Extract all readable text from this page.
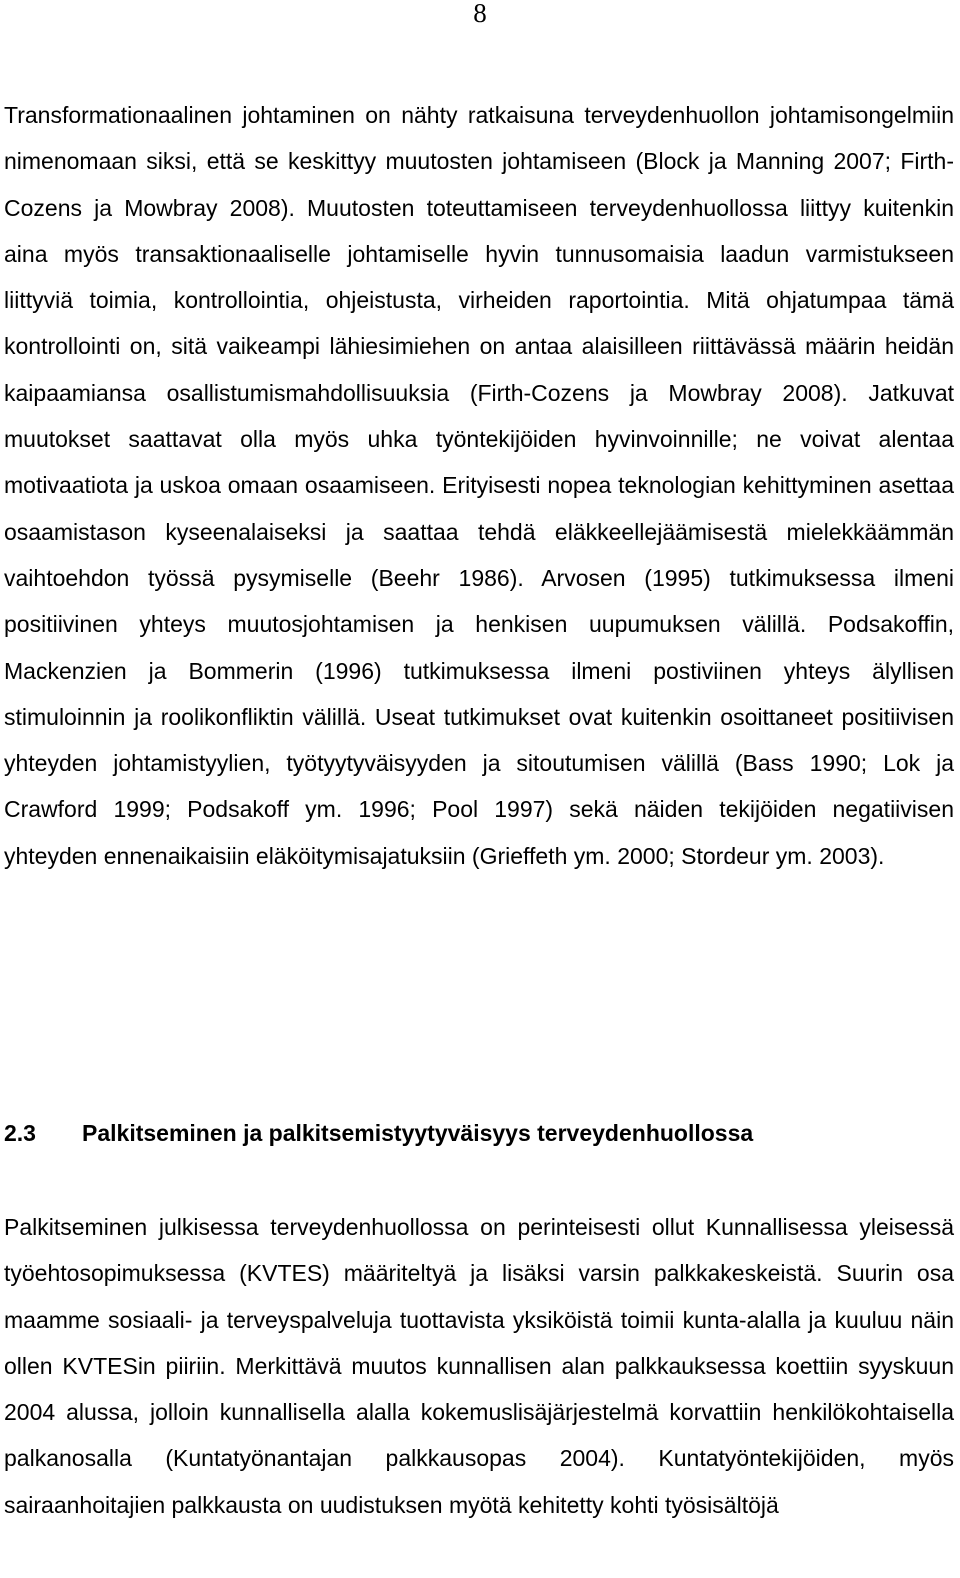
8

Transformationaalinen johtaminen on nähty ratkaisuna terveydenhuollon johtamisongelmiin nimenomaan siksi, että se keskittyy muutosten johtamiseen (Block ja Manning 2007; Firth-Cozens ja Mowbray 2008). Muutosten toteuttamiseen terveydenhuollossa liittyy kuitenkin aina myös transaktionaaliselle johtamiselle hyvin tunnusomaisia laadun varmistukseen liittyviä toimia, kontrollointia, ohjeistusta, virheiden raportointia. Mitä ohjatumpaa tämä kontrollointi on, sitä vaikeampi lähiesimiehen on antaa alaisilleen riittävässä määrin heidän kaipaamiansa osallistumismahdollisuuksia (Firth-Cozens ja Mowbray 2008). Jatkuvat muutokset saattavat olla myös uhka työntekijöiden hyvinvoinnille; ne voivat alentaa motivaatiota ja uskoa omaan osaamiseen. Erityisesti nopea teknologian kehittyminen asettaa osaamistason kyseenalaiseksi ja saattaa tehdä eläkkeellejäämisestä mielekkäämmän vaihtoehdon työssä pysymiselle (Beehr 1986). Arvosen (1995) tutkimuksessa ilmeni positiivinen yhteys muutosjohtamisen ja henkisen uupumuksen välillä. Podsakoffin, Mackenzien ja Bommerin (1996) tutkimuksessa ilmeni postiviinen yhteys älyllisen stimuloinnin ja roolikonfliktin välillä. Useat tutkimukset ovat kuitenkin osoittaneet positiivisen yhteyden johtamistyylien, työtyytyväisyyden ja sitoutumisen välillä (Bass 1990; Lok ja Crawford 1999; Podsakoff ym. 1996; Pool 1997) sekä näiden tekijöiden negatiivisen yhteyden ennenaikaisiin eläköitymisajatuksiin (Grieffeth ym. 2000; Stordeur ym. 2003).

2.3 Palkitseminen ja palkitsemistyytyväisyys terveydenhuollossa

Palkitseminen julkisessa terveydenhuollossa on perinteisesti ollut Kunnallisessa yleisessä työehtosopimuksessa (KVTES) määriteltyä ja lisäksi varsin palkkakeskeistä. Suurin osa maamme sosiaali- ja terveyspalveluja tuottavista yksiköistä toimii kunta-alalla ja kuuluu näin ollen KVTESin piiriin. Merkittävä muutos kunnallisen alan palkkauksessa koettiin syyskuun 2004 alussa, jolloin kunnallisella alalla kokemuslisäjärjestelmä korvattiin henkilökohtaisella palkanosalla (Kuntatyönantajan palkkausopas 2004). Kuntatyöntekijöiden, myös sairaanhoitajien palkkausta on uudistuksen myötä kehitetty kohti työsisältöjä
